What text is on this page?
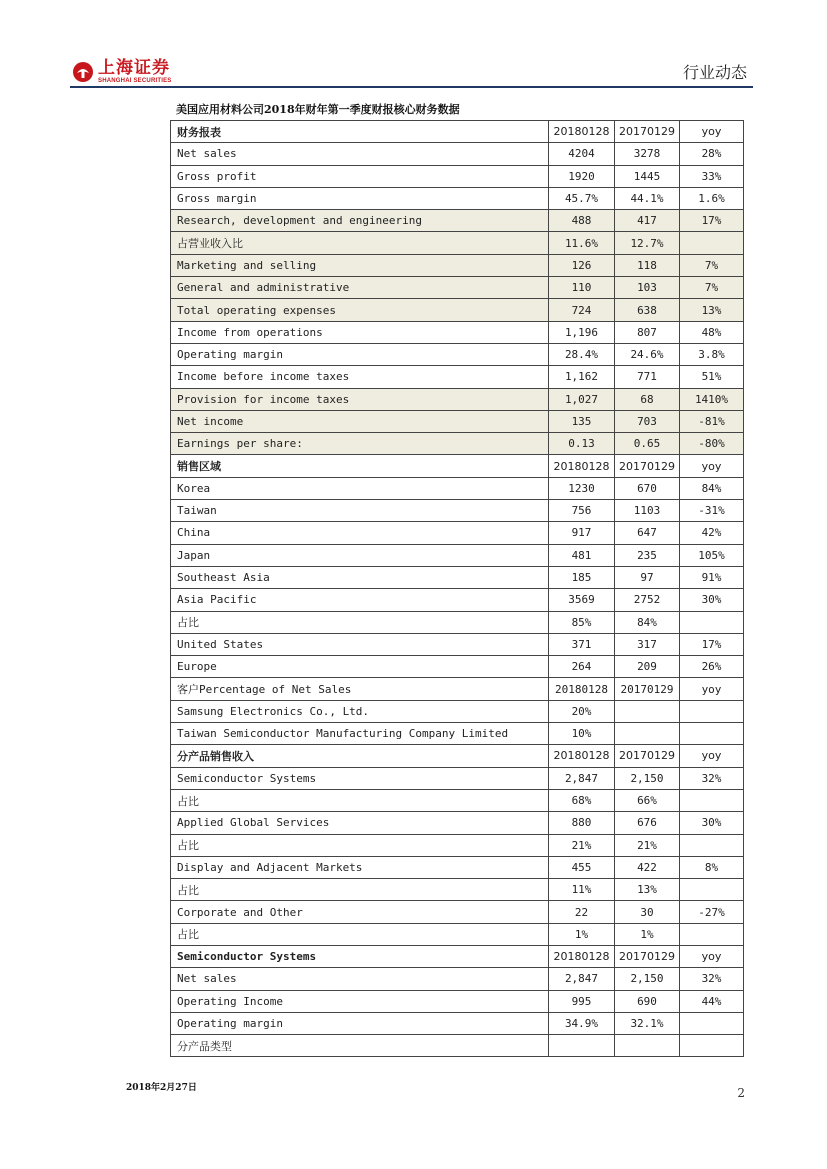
上海证券
SHANGHAI SECURITIES	行业动态
美国应用材料公司2018年财年第一季度财报核心财务数据
财务报表	20180128	20170129	yoy
Net sales	4204	3278	28%
Gross profit	1920	1445	33%
Gross margin	45.7%	44.1%	1.6%
Research, development and engineering	488	417	17%
占营业收入比	11.6%	12.7%	
Marketing and selling	126	118	7%
General and administrative	110	103	7%
Total operating expenses	724	638	13%
Income from operations	1,196	807	48%
Operating margin	28.4%	24.6%	3.8%
Income before income taxes	1,162	771	51%
Provision for income taxes	1,027	68	1410%
Net income	135	703	-81%
Earnings per share:	0.13	0.65	-80%
销售区域	20180128	20170129	yoy
Korea	1230	670	84%
Taiwan	756	1103	-31%
China	917	647	42%
Japan	481	235	105%
Southeast Asia	185	97	91%
Asia Pacific	3569	2752	30%
占比	85%	84%	
United States	371	317	17%
Europe	264	209	26%
客户Percentage of Net Sales	20180128	20170129	yoy
Samsung Electronics Co., Ltd.	20%		
Taiwan Semiconductor Manufacturing Company Limited	10%		
分产品销售收入	20180128	20170129	yoy
Semiconductor Systems	2,847	2,150	32%
占比	68%	66%	
Applied Global Services	880	676	30%
占比	21%	21%	
Display and Adjacent Markets	455	422	8%
占比	11%	13%	
Corporate and Other	22	30	-27%
占比	1%	1%	
Semiconductor Systems	20180128	20170129	yoy
Net sales	2,847	2,150	32%
Operating Income	995	690	44%
Operating margin	34.9%	32.1%	
分产品类型			
2018年2月27日	2
